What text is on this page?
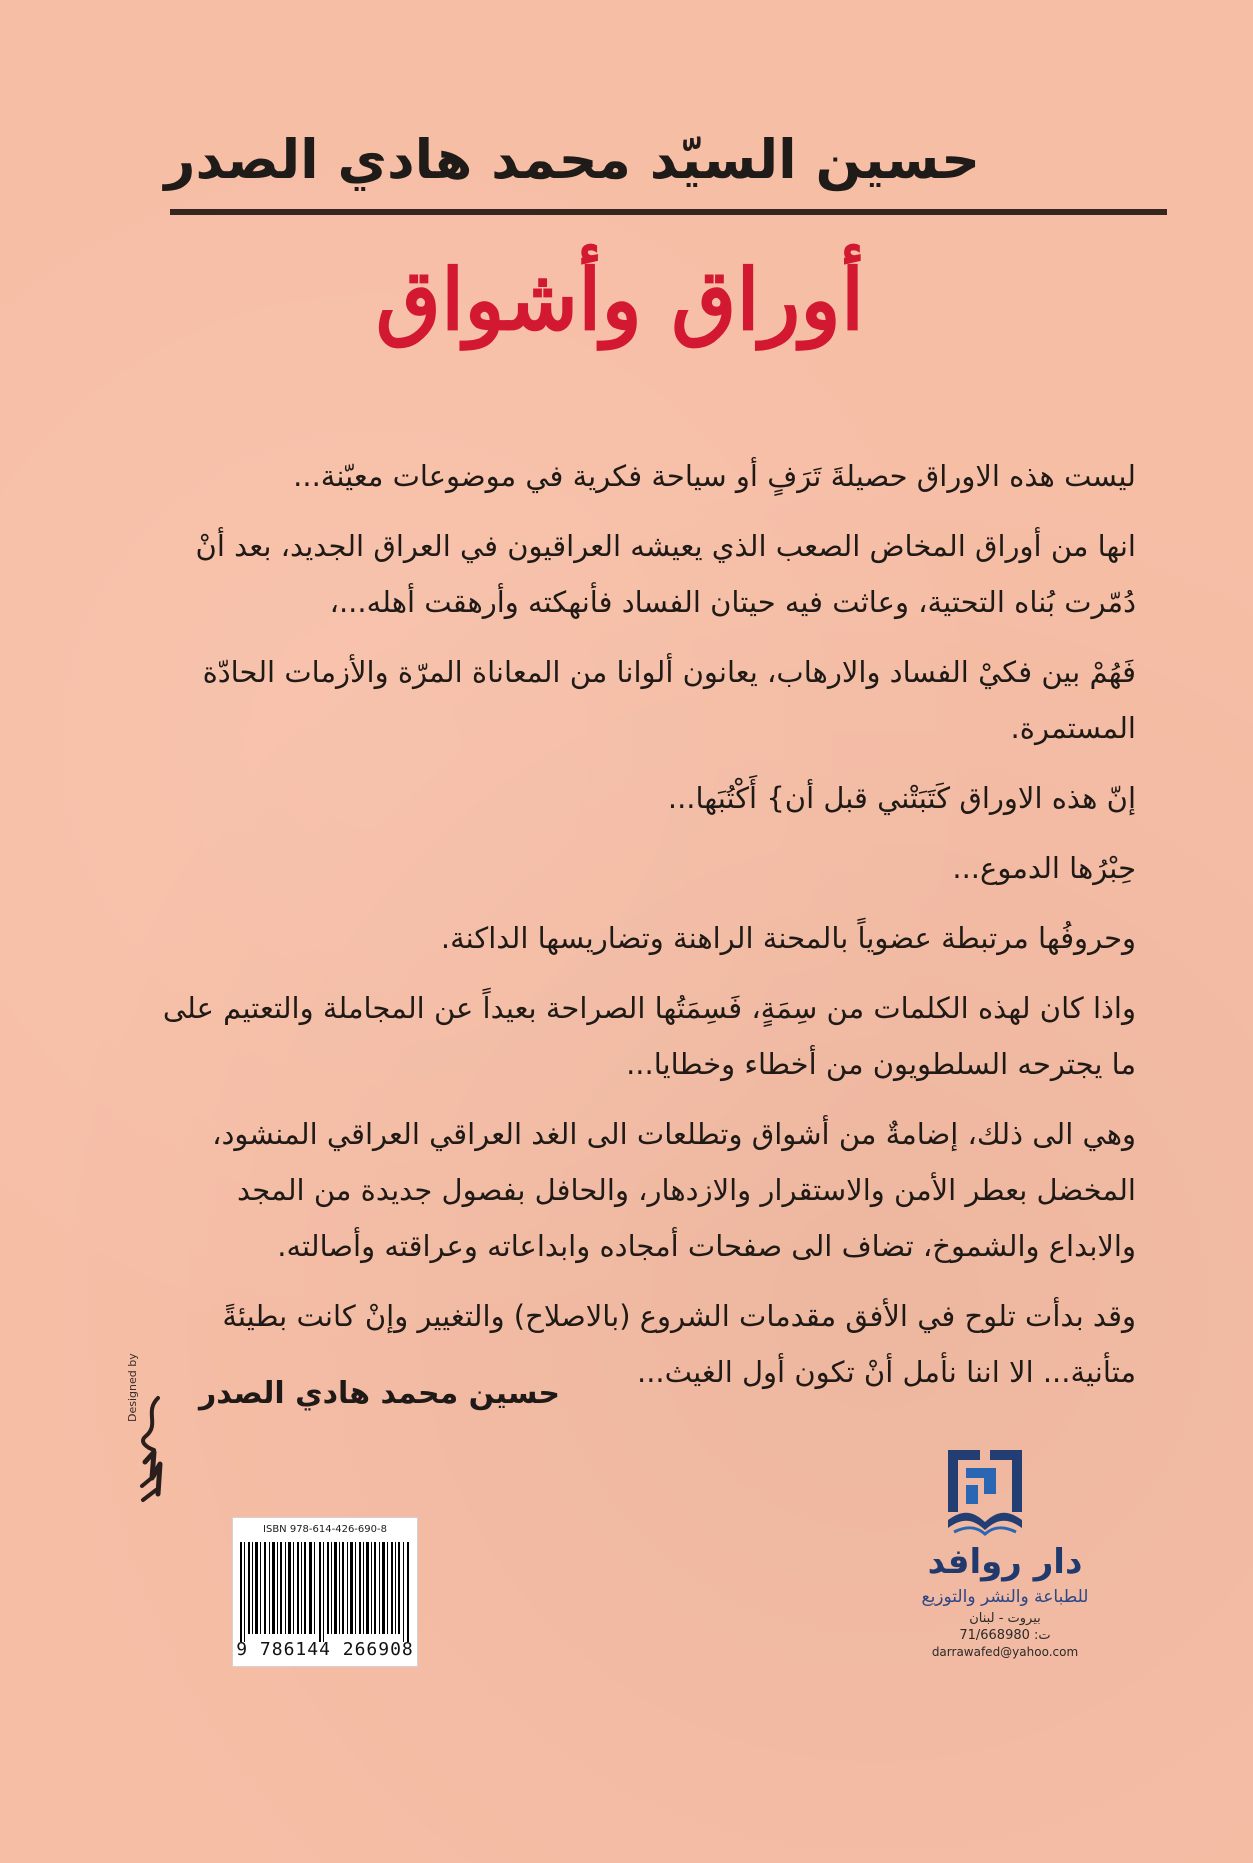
حسين السيّد محمد هادي الصدر
أوراق وأشواق

ليست هذه الاوراق حصيلةَ تَرَفٍ أو سياحة فكرية في موضوعات معيّنة...

انها من أوراق المخاض الصعب الذي يعيشه العراقيون في العراق الجديد، بعد أنْ دُمّرت بُناه التحتية، وعاثت فيه حيتان الفساد فأنهكته وأرهقت أهله...،

فَهُمْ بين فكيْ الفساد والارهاب، يعانون ألوانا من المعاناة المرّة والأزمات الحادّة المستمرة.

إنّ هذه الاوراق كَتَبَتْني قبل أن} أَكْتُبَها...

حِبْرُها الدموع...

وحروفُها مرتبطة عضوياً بالمحنة الراهنة وتضاريسها الداكنة.

واذا كان لهذه الكلمات من سِمَةٍ، فَسِمَتُها الصراحة بعيداً عن المجاملة والتعتيم على ما يجترحه السلطويون من أخطاء وخطايا...

وهي الى ذلك، إضامةٌ من أشواق وتطلعات الى الغد العراقي العراقي المنشود، المخضل بعطر الأمن والاستقرار والازدهار، والحافل بفصول جديدة من المجد والابداع والشموخ، تضاف الى صفحات أمجاده وابداعاته وعراقته وأصالته.

وقد بدأت تلوح في الأفق مقدمات الشروع (بالاصلاح) والتغيير وإنْ كانت بطيئةً متأنية... الا اننا نأمل أنْ تكون أول الغيث...

حسين محمد هادي الصدر
Designed by
ISBN 978-614-426-690-8
9 786144 266908
دار روافد
للطباعة والنشر والتوزيع
بيروت - لبنان
ت: 71/668980
darrawafed@yahoo.com
